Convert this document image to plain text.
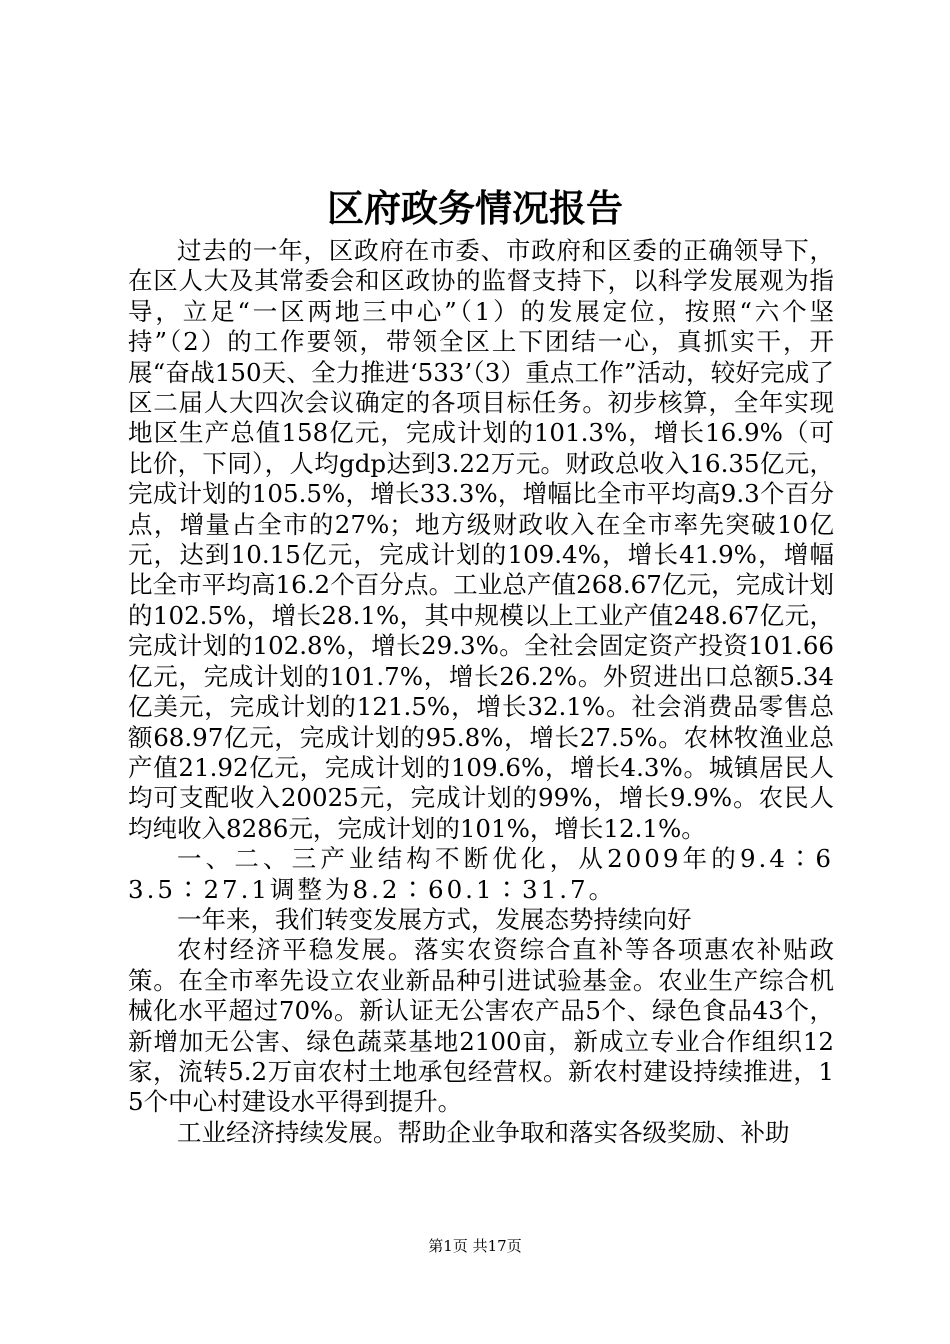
区府政务情况报告

过去的一年，区政府在市委、市政府和区委的正确领导下，在区人大及其常委会和区政协的监督支持下，以科学发展观为指导，立足“一区两地三中心”（1）的发展定位，按照“六个坚持”（2）的工作要领，带领全区上下团结一心，真抓实干，开展“奋战150天、全力推进‘533’（3）重点工作”活动，较好完成了区二届人大四次会议确定的各项目标任务。初步核算，全年实现地区生产总值158亿元，完成计划的101.3%，增长16.9%（可比价，下同），人均gdp达到3.22万元。财政总收入16.35亿元，完成计划的105.5%，增长33.3%，增幅比全市平均高9.3个百分点，增量占全市的27%；地方级财政收入在全市率先突破10亿元，达到10.15亿元，完成计划的109.4%，增长41.9%，增幅比全市平均高16.2个百分点。工业总产值268.67亿元，完成计划的102.5%，增长28.1%，其中规模以上工业产值248.67亿元，完成计划的102.8%，增长29.3%。全社会固定资产投资101.66亿元，完成计划的101.7%，增长26.2%。外贸进出口总额5.34亿美元，完成计划的121.5%，增长32.1%。社会消费品零售总额68.97亿元，完成计划的95.8%，增长27.5%。农林牧渔业总产值21.92亿元，完成计划的109.6%，增长4.3%。城镇居民人均可支配收入20025元，完成计划的99%，增长9.9%。农民人均纯收入8286元，完成计划的101%，增长12.1%。

一、二、三产业结构不断优化，从2009年的9.4∶63.5∶27.1调整为8.2∶60.1∶31.7。

一年来，我们转变发展方式，发展态势持续向好

农村经济平稳发展。落实农资综合直补等各项惠农补贴政策。在全市率先设立农业新品种引进试验基金。农业生产综合机械化水平超过70%。新认证无公害农产品5个、绿色食品43个，新增加无公害、绿色蔬菜基地2100亩，新成立专业合作组织12家，流转5.2万亩农村土地承包经营权。新农村建设持续推进，15个中心村建设水平得到提升。

工业经济持续发展。帮助企业争取和落实各级奖励、补助

第1页 共17页
